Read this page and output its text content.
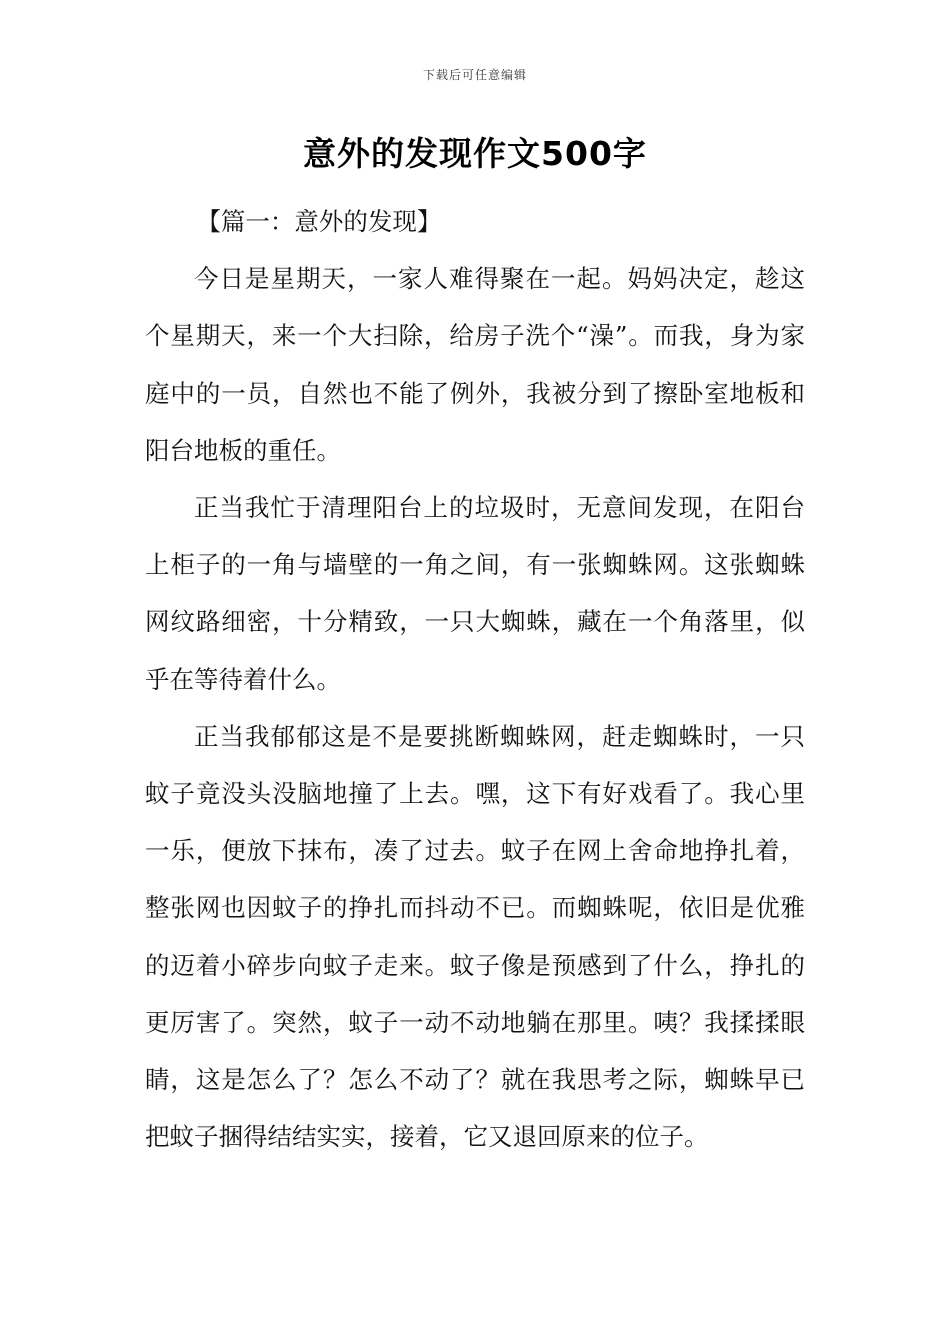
下载后可任意编辑
意外的发现作文500字

【篇一：意外的发现】

今日是星期天，一家人难得聚在一起。妈妈决定，趁这个星期天，来一个大扫除，给房子洗个“澡”。而我，身为家庭中的一员，自然也不能了例外，我被分到了擦卧室地板和阳台地板的重任。

正当我忙于清理阳台上的垃圾时，无意间发现，在阳台上柜子的一角与墙壁的一角之间，有一张蜘蛛网。这张蜘蛛网纹路细密，十分精致，一只大蜘蛛，藏在一个角落里，似乎在等待着什么。

正当我郁郁这是不是要挑断蜘蛛网，赶走蜘蛛时，一只蚊子竟没头没脑地撞了上去。嘿，这下有好戏看了。我心里一乐，便放下抹布，凑了过去。蚊子在网上舍命地挣扎着，整张网也因蚊子的挣扎而抖动不已。而蜘蛛呢，依旧是优雅的迈着小碎步向蚊子走来。蚊子像是预感到了什么，挣扎的更厉害了。突然，蚊子一动不动地躺在那里。咦？我揉揉眼睛，这是怎么了？怎么不动了？就在我思考之际，蜘蛛早已把蚊子捆得结结实实，接着，它又退回原来的位子。
